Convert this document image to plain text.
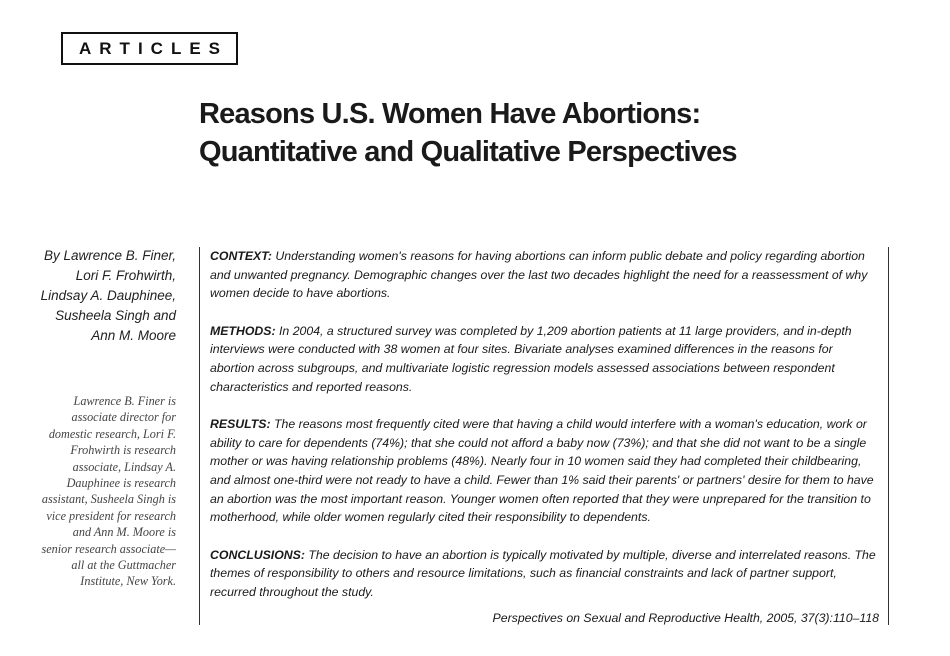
ARTICLES
Reasons U.S. Women Have Abortions:
Quantitative and Qualitative Perspectives
By Lawrence B. Finer, Lori F. Frohwirth, Lindsay A. Dauphinee, Susheela Singh and Ann M. Moore
Lawrence B. Finer is associate director for domestic research, Lori F. Frohwirth is research associate, Lindsay A. Dauphinee is research assistant, Susheela Singh is vice president for research and Ann M. Moore is senior research associate—all at the Guttmacher Institute, New York.

CONTEXT: Understanding women's reasons for having abortions can inform public debate and policy regarding abortion and unwanted pregnancy. Demographic changes over the last two decades highlight the need for a reassessment of why women decide to have abortions.

METHODS: In 2004, a structured survey was completed by 1,209 abortion patients at 11 large providers, and in-depth interviews were conducted with 38 women at four sites. Bivariate analyses examined differences in the reasons for abortion across subgroups, and multivariate logistic regression models assessed associations between respondent characteristics and reported reasons.

RESULTS: The reasons most frequently cited were that having a child would interfere with a woman's education, work or ability to care for dependents (74%); that she could not afford a baby now (73%); and that she did not want to be a single mother or was having relationship problems (48%). Nearly four in 10 women said they had completed their childbearing, and almost one-third were not ready to have a child. Fewer than 1% said their parents' or partners' desire for them to have an abortion was the most important reason. Younger women often reported that they were unprepared for the transition to motherhood, while older women regularly cited their responsibility to dependents.

CONCLUSIONS: The decision to have an abortion is typically motivated by multiple, diverse and interrelated reasons. The themes of responsibility to others and resource limitations, such as financial constraints and lack of partner support, recurred throughout the study.

Perspectives on Sexual and Reproductive Health, 2005, 37(3):110–118
